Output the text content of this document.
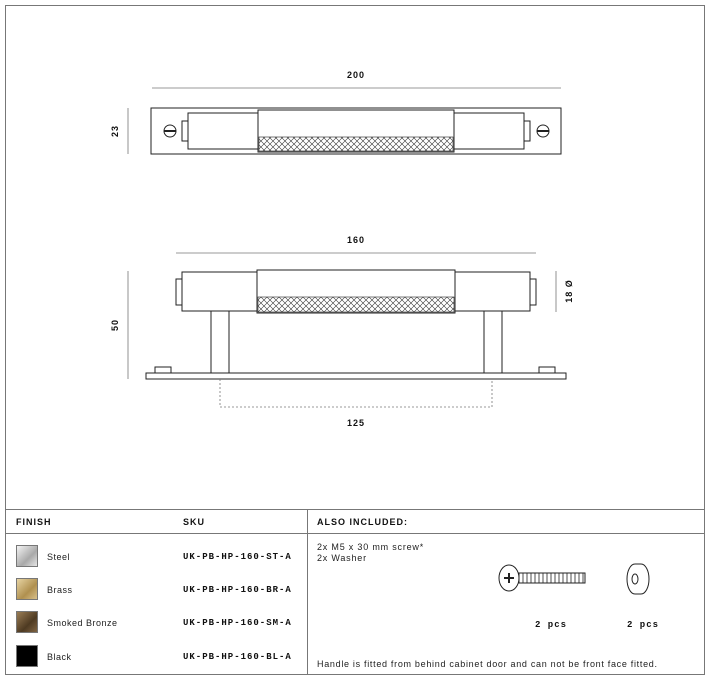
200
23
160
50
18 Ø
125
FINISH	SKU	ALSO INCLUDED:
Steel	UK-PB-HP-160-ST-A
Brass	UK-PB-HP-160-BR-A
Smoked Bronze	UK-PB-HP-160-SM-A
Black	UK-PB-HP-160-BL-A
2x M5 x 30 mm screw*
2x Washer
2 pcs	2 pcs
Handle is fitted from behind cabinet door and can not be front face fitted.
